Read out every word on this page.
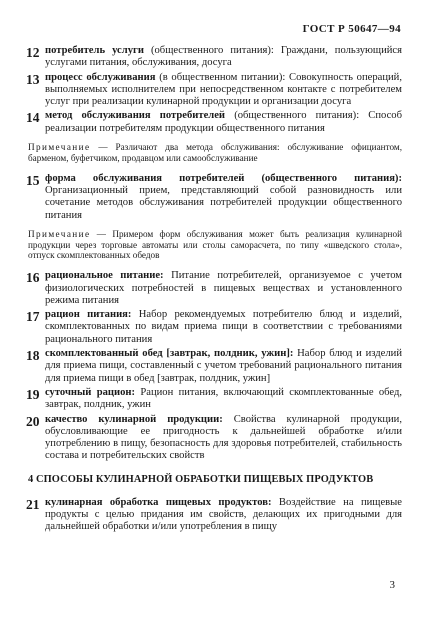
ГОСТ Р 50647—94
12 потребитель услуги (общественного питания): Граждани, пользующийся услугами питания, обслуживания, досуга

13 процесс обслуживания (в общественном питании): Совокупность операций, выполняемых исполнителем при непосредственном контакте с потребителем услуг при реализации кулинарной продукции и организации досуга

14 метод обслуживания потребителей (общественного питания): Способ реализации потребителям продукции общественного питания

Примечание — Различают два метода обслуживания: обслуживание официантом, барменом, буфетчиком, продавцом или самообслуживание

15 форма обслуживания потребителей (общественного питания): Организационный прием, представляющий собой разновидность или сочетание методов обслуживания потребителей продукции общественного питания

Примечание — Примером форм обслуживания может быть реализация кулинарной продукции через торговые автоматы или столы саморасчета, по типу «шведского стола», отпуск скомплектованных обедов

16 рациональное питание: Питание потребителей, организуемое с учетом физиологических потребностей в пищевых веществах и установленного режима питания

17 рацион питания: Набор рекомендуемых потребителю блюд и изделий, скомплектованных по видам приема пищи в соответствии с требованиями рационального питания

18 скомплектованный обед [завтрак, полдник, ужин]: Набор блюд и изделий для приема пищи, составленный с учетом требований рационального питания для приема пищи в обед [завтрак, полдник, ужин]

19 суточный рацион: Рацион питания, включающий скомплектованные обед, завтрак, полдник, ужин

20 качество кулинарной продукции: Свойства кулинарной продукции, обусловливающие ее пригодность к дальнейшей обработке и/или употреблению в пищу, безопасность для здоровья потребителей, стабильность состава и потребительских свойств

4 СПОСОБЫ КУЛИНАРНОЙ ОБРАБОТКИ ПИЩЕВЫХ ПРОДУКТОВ
21 кулинарная обработка пищевых продуктов: Воздействие на пищевые продукты с целью придания им свойств, делающих их пригодными для дальнейшей обработки и/или употребления в пищу

3
